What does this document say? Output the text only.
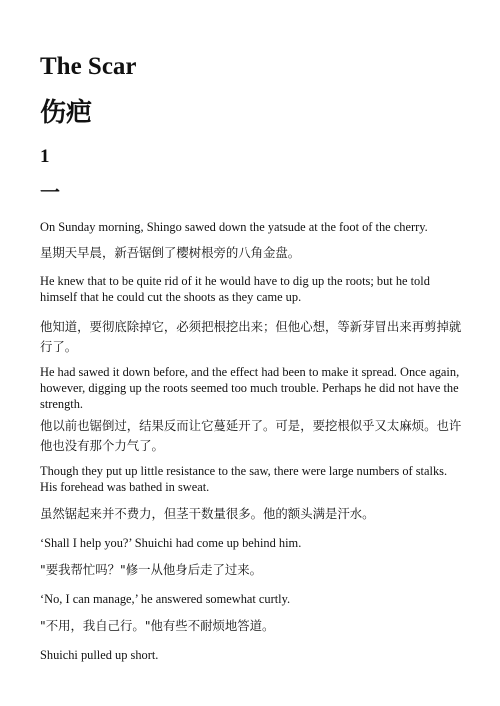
The Scar
伤疤
1
一

On Sunday morning, Shingo sawed down the yatsude at the foot of the cherry.

星期天早晨，新吾锯倒了樱树根旁的八角金盘。

He knew that to be quite rid of it he would have to dig up the roots; but he told himself that he could cut the shoots as they came up.

他知道，要彻底除掉它，必须把根挖出来；但他心想，等新芽冒出来再剪掉就行了。

He had sawed it down before, and the effect had been to make it spread. Once again, however, digging up the roots seemed too much trouble. Perhaps he did not have the strength.

他以前也锯倒过，结果反而让它蔓延开了。可是，要挖根似乎又太麻烦。也许他也没有那个力气了。

Though they put up little resistance to the saw, there were large numbers of stalks. His forehead was bathed in sweat.

虽然锯起来并不费力，但茎干数量很多。他的额头满是汗水。

‘Shall I help you?’ Shuichi had come up behind him.

"要我帮忙吗？"修一从他身后走了过来。

‘No, I can manage,’ he answered somewhat curtly.

"不用，我自己行。"他有些不耐烦地答道。

Shuichi pulled up short.
